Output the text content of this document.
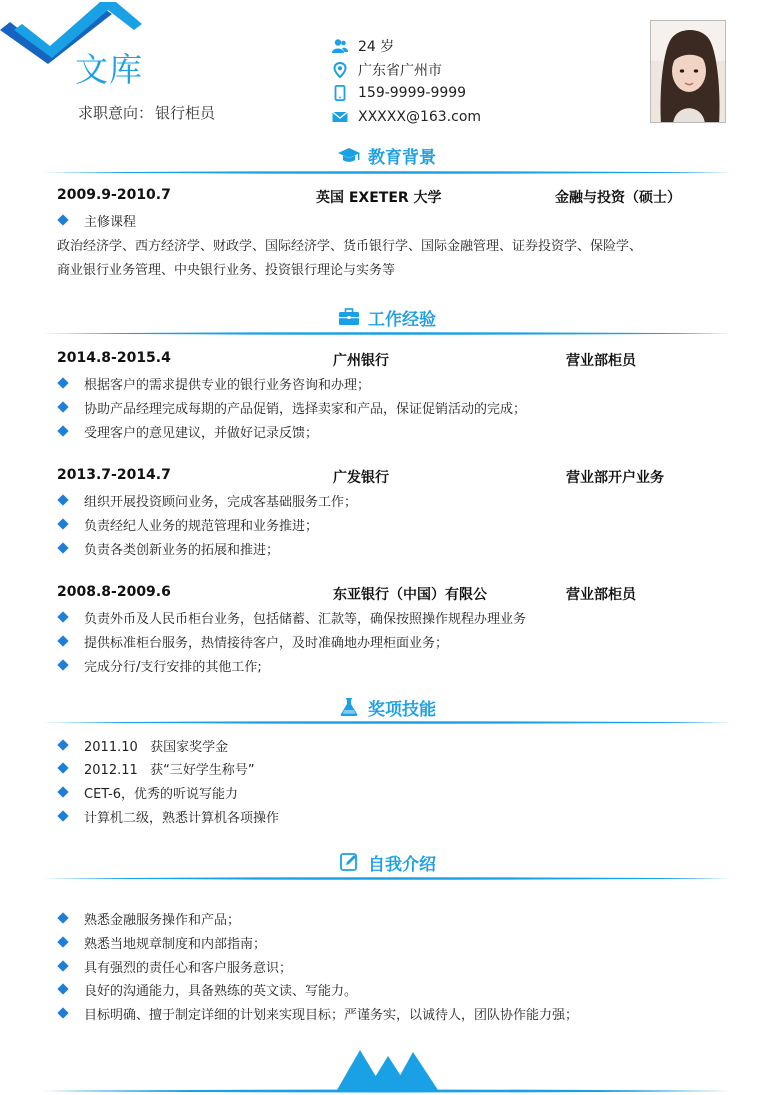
文库
求职意向： 银行柜员
24 岁
广东省广州市
159-9999-9999
XXXXX@163.com
教育背景
2009.9-2010.7	英国 EXETER 大学	金融与投资（硕士）
主修课程
政治经济学、西方经济学、财政学、国际经济学、货币银行学、国际金融管理、证券投资学、保险学、
商业银行业务管理、中央银行业务、投资银行理论与实务等
工作经验
2014.8-2015.4	广州银行	营业部柜员
根据客户的需求提供专业的银行业务咨询和办理；
协助产品经理完成每期的产品促销，选择卖家和产品，保证促销活动的完成；
受理客户的意见建议，并做好记录反馈；
2013.7-2014.7	广发银行	营业部开户业务
组织开展投资顾问业务，完成客基础服务工作；
负责经纪人业务的规范管理和业务推进；
负责各类创新业务的拓展和推进；
2008.8-2009.6	东亚银行（中国）有限公	营业部柜员
负责外币及人民币柜台业务，包括储蓄、汇款等，确保按照操作规程办理业务
提供标准柜台服务，热情接待客户，及时准确地办理柜面业务；
完成分行/支行安排的其他工作;
奖项技能
2011.10   获国家奖学金
2012.11   获“三好学生称号”
CET-6，优秀的听说写能力
计算机二级，熟悉计算机各项操作
自我介绍
熟悉金融服务操作和产品；
熟悉当地规章制度和内部指南；
具有强烈的责任心和客户服务意识；
良好的沟通能力，具备熟练的英文读、写能力。
目标明确、擅于制定详细的计划来实现目标；严谨务实，以诚待人，团队协作能力强；
